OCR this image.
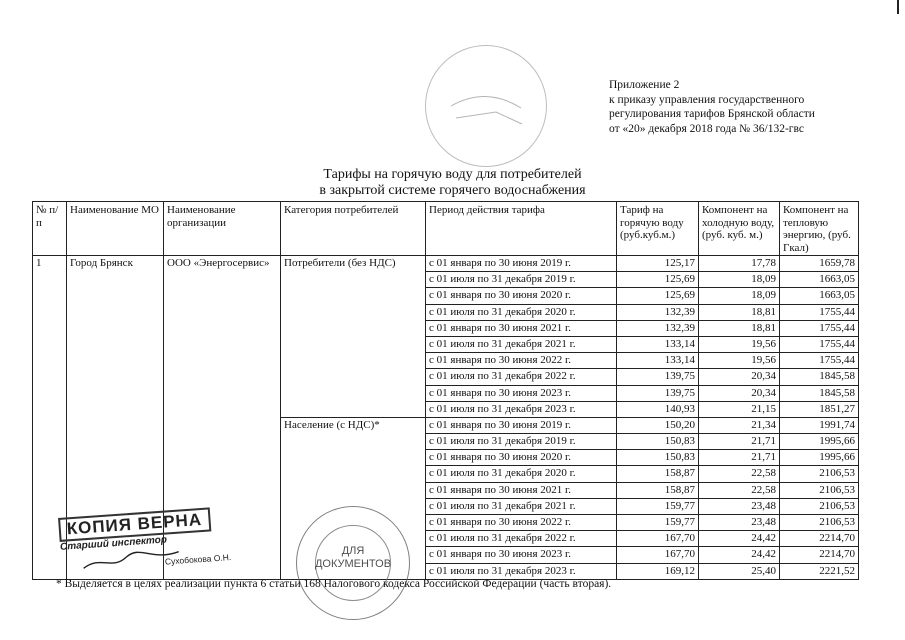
Приложение 2
к приказу управления государственного
регулирования тарифов Брянской области
от «20» декабря 2018 года № 36/132-гвс
Тарифы на горячую воду для потребителей
в закрытой системе горячего водоснабжения
№ п/п	Наименование МО	Наименование организации	Категория потребителей	Период действия тарифа	Тариф на горячую воду (руб.куб.м.)	Компонент на холодную воду, (руб. куб. м.)	Компонент на тепловую энергию, (руб. Гкал)
1	Город Брянск	ООО «Энергосервис»	Потребители (без НДС)	с 01 января по 30 июня 2019 г.	125,17	17,78	1659,78
				с 01 июля по 31 декабря 2019 г.	125,69	18,09	1663,05
				с 01 января по 30 июня 2020 г.	125,69	18,09	1663,05
				с 01 июля по 31 декабря 2020 г.	132,39	18,81	1755,44
				с 01 января по 30 июня 2021 г.	132,39	18,81	1755,44
				с 01 июля по 31 декабря 2021 г.	133,14	19,56	1755,44
				с 01 января по 30 июня 2022 г.	133,14	19,56	1755,44
				с 01 июля по 31 декабря 2022 г.	139,75	20,34	1845,58
				с 01 января по 30 июня 2023 г.	139,75	20,34	1845,58
				с 01 июля по 31 декабря 2023 г.	140,93	21,15	1851,27
			Население (с НДС)*	с 01 января по 30 июня 2019 г.	150,20	21,34	1991,74
				с 01 июля по 31 декабря 2019 г.	150,83	21,71	1995,66
				с 01 января по 30 июня 2020 г.	150,83	21,71	1995,66
				с 01 июля по 31 декабря 2020 г.	158,87	22,58	2106,53
				с 01 января по 30 июня 2021 г.	158,87	22,58	2106,53
				с 01 июля по 31 декабря 2021 г.	159,77	23,48	2106,53
				с 01 января по 30 июня 2022 г.	159,77	23,48	2106,53
				с 01 июля по 31 декабря 2022 г.	167,70	24,42	2214,70
				с 01 января по 30 июня 2023 г.	167,70	24,42	2214,70
				с 01 июля по 31 декабря 2023 г.	169,12	25,40	2221,52
КОПИЯ ВЕРНА
Старший инспектор
Сухобокова О.Н.
ДЛЯ
ДОКУМЕНТОВ
* Выделяется в целях реализации пункта 6 статьи 168 Налогового кодекса Российской Федерации (часть вторая).
